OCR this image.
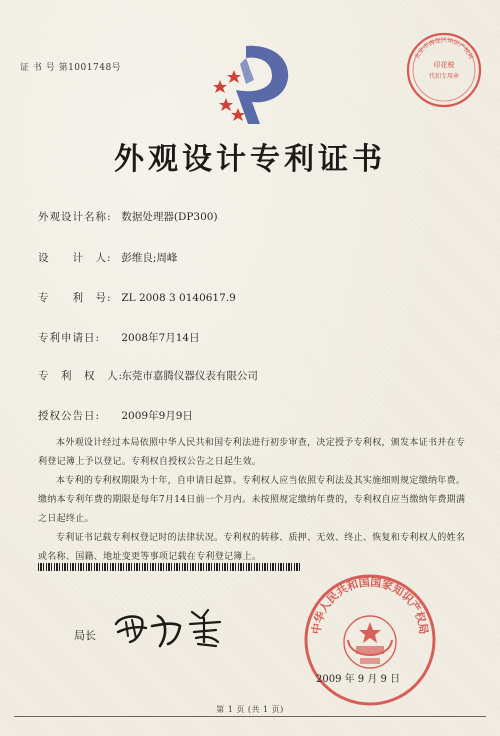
证 书 号 第1001748号	印花税
代扣专用章
北京市海淀区知识产权局
外观设计专利证书
外观设计名称: 数据处理器(DP300)
设　　计　人: 彭维良;周峰
专　　利　号: ZL 2008 3 0140617.9
专利申请日: 2008年7月14日
专　利　权　人: 东莞市嘉腾仪器仪表有限公司
授权公告日: 2009年9月9日

本外观设计经过本局依照中华人民共和国专利法进行初步审查，决定授予专利权，颁发本证书并在专利登记簿上予以登记。专利权自授权公告之日起生效。

本专利的专利权期限为十年，自申请日起算。专利权人应当依照专利法及其实施细则规定缴纳年费。缴纳本专利年费的期限是每年7月14日前一个月内。未按照规定缴纳年费的，专利权自应当缴纳年费期满之日起终止。

专利证书记载专利权登记时的法律状况。专利权的转移、质押、无效、终止、恢复和专利权人的姓名或名称、国籍、地址变更等事项记载在专利登记簿上。

局长
中华人民共和国国家知识产权局
2009 年 9 月 9 日
第 1 页 (共 1 页)
